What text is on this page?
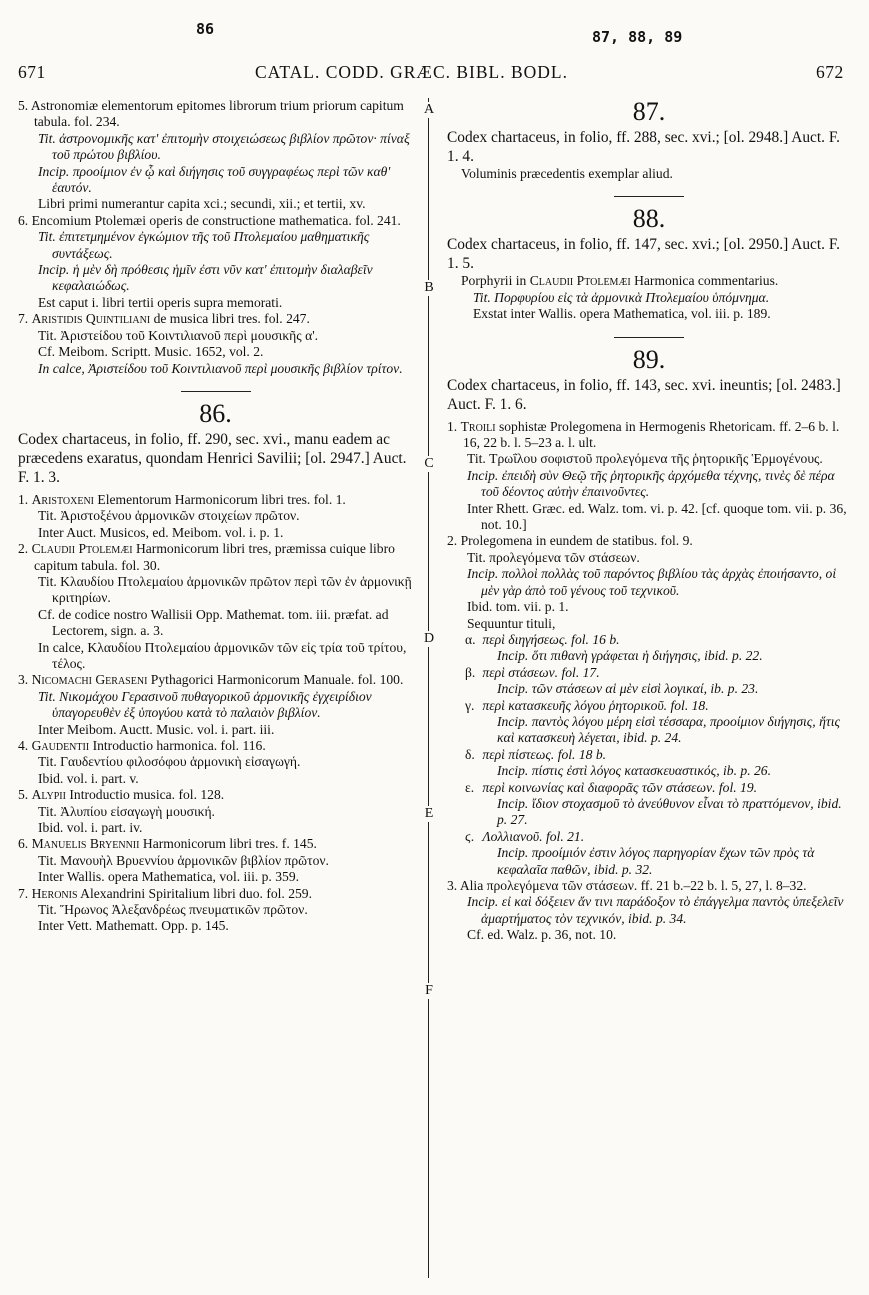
86	87, 88, 89
671	CATAL. CODD. GRÆC. BIBL. BODL.	672
A
B
C
D
E
F

5. Astronomiæ elementorum epitomes librorum trium priorum capitum tabula. fol. 234.

Tit. ἀστρονομικῆς κατ' ἐπιτομὴν στοιχειώσεως βιβλίον πρῶτον· πίναξ τοῦ πρώτου βιβλίου.

Incip. προοίμιον ἐν ᾧ καὶ διήγησις τοῦ συγγραφέως περὶ τῶν καθ' ἑαυτόν.

Libri primi numerantur capita xci.; secundi, xii.; et tertii, xv.

6. Encomium Ptolemæi operis de constructione mathematica. fol. 241.

Tit. ἐπιτετμημένον ἐγκώμιον τῆς τοῦ Πτολεμαίου μαθηματικῆς συντάξεως.

Incip. ἡ μὲν δὴ πρόθεσις ἡμῖν ἐστι νῦν κατ' ἐπιτομὴν διαλαβεῖν κεφαλαιώδως.

Est caput i. libri tertii operis supra memorati.

7. Aristidis Quintiliani de musica libri tres. fol. 247.

Tit. Ἀριστείδου τοῦ Κοιντιλιανοῦ περὶ μουσικῆς α'.

Cf. Meibom. Scriptt. Music. 1652, vol. 2.

In calce, Ἀριστείδου τοῦ Κοιντιλιανοῦ περὶ μουσικῆς βιβλίον τρίτον.

86.

Codex chartaceus, in folio, ff. 290, sec. xvi., manu eadem ac præcedens exaratus, quondam Henrici Savilii; [ol. 2947.] Auct. F. 1. 3.

1. Aristoxeni Elementorum Harmonicorum libri tres. fol. 1.

Tit. Ἀριστοξένου ἁρμονικῶν στοιχείων πρῶτον.

Inter Auct. Musicos, ed. Meibom. vol. i. p. 1.

2. Claudii Ptolemæi Harmonicorum libri tres, præmissa cuique libro capitum tabula. fol. 30.

Tit. Κλαυδίου Πτολεμαίου ἁρμονικῶν πρῶτον περὶ τῶν ἐν ἁρμονικῇ κριτηρίων.

Cf. de codice nostro Wallisii Opp. Mathemat. tom. iii. præfat. ad Lectorem, sign. a. 3.

In calce, Κλαυδίου Πτολεμαίου ἁρμονικῶν τῶν εἰς τρία τοῦ τρίτου, τέλος.

3. Nicomachi Geraseni Pythagorici Harmonicorum Manuale. fol. 100.

Tit. Νικομάχου Γερασινοῦ πυθαγορικοῦ ἁρμονικῆς ἐγχειρίδιον ὑπαγορευθὲν ἐξ ὑπογύου κατὰ τὸ παλαιὸν βιβλίον.

Inter Meibom. Auctt. Music. vol. i. part. iii.

4. Gaudentii Introductio harmonica. fol. 116.

Tit. Γαυδεντίου φιλοσόφου ἁρμονικὴ εἰσαγωγή.

Ibid. vol. i. part. v.

5. Alypii Introductio musica. fol. 128.

Tit. Ἀλυπίου εἰσαγωγὴ μουσική.

Ibid. vol. i. part. iv.

6. Manuelis Bryennii Harmonicorum libri tres. f. 145.

Tit. Μανουὴλ Βρυεννίου ἁρμονικῶν βιβλίον πρῶτον.

Inter Wallis. opera Mathematica, vol. iii. p. 359.

7. Heronis Alexandrini Spiritalium libri duo. fol. 259.

Tit. Ἥρωνος Ἀλεξανδρέως πνευματικῶν πρῶτον.

Inter Vett. Mathematt. Opp. p. 145.

87.

Codex chartaceus, in folio, ff. 288, sec. xvi.; [ol. 2948.] Auct. F. 1. 4.

Voluminis præcedentis exemplar aliud.

88.

Codex chartaceus, in folio, ff. 147, sec. xvi.; [ol. 2950.] Auct. F. 1. 5.

Porphyrii in Claudii Ptolemæi Harmonica commentarius.

Tit. Πορφυρίου εἰς τὰ ἁρμονικὰ Πτολεμαίου ὑπόμνημα.

Exstat inter Wallis. opera Mathematica, vol. iii. p. 189.

89.

Codex chartaceus, in folio, ff. 143, sec. xvi. ineuntis; [ol. 2483.] Auct. F. 1. 6.

1. Troili sophistæ Prolegomena in Hermogenis Rhetoricam. ff. 2–6 b. l. 16, 22 b. l. 5–23 a. l. ult.

Tit. Τρωΐλου σοφιστοῦ προλεγόμενα τῆς ῥητορικῆς Ἑρμογένους.

Incip. ἐπειδὴ σὺν Θεῷ τῆς ῥητορικῆς ἀρχόμεθα τέχνης, τινὲς δὲ πέρα τοῦ δέοντος αὐτὴν ἐπαινοῦντες.

Inter Rhett. Græc. ed. Walz. tom. vi. p. 42. [cf. quoque tom. vii. p. 36, not. 10.]

2. Prolegomena in eundem de statibus. fol. 9.

Tit. προλεγόμενα τῶν στάσεων.

Incip. πολλοὶ πολλὰς τοῦ παρόντος βιβλίου τὰς ἀρχὰς ἐποιήσαντο, οἱ μὲν γὰρ ἀπὸ τοῦ γένους τοῦ τεχνικοῦ.

Ibid. tom. vii. p. 1.

Sequuntur tituli,

α. περὶ διηγήσεως. fol. 16 b.

Incip. ὅτι πιθανὴ γράφεται ἡ διήγησις, ibid. p. 22.

β. περὶ στάσεων. fol. 17.

Incip. τῶν στάσεων αἱ μὲν εἰσὶ λογικαί, ib. p. 23.

γ. περὶ κατασκευῆς λόγου ῥητορικοῦ. fol. 18.

Incip. παντὸς λόγου μέρη εἰσὶ τέσσαρα, προοίμιον διήγησις, ἥτις καὶ κατασκευὴ λέγεται, ibid. p. 24.

δ. περὶ πίστεως. fol. 18 b.

Incip. πίστις ἐστὶ λόγος κατασκευαστικός, ib. p. 26.

ε. περὶ κοινωνίας καὶ διαφορᾶς τῶν στάσεων. fol. 19.

Incip. ἴδιον στοχασμοῦ τὸ ἀνεύθυνον εἶναι τὸ πραττόμενον, ibid. p. 27.

ϛ. Λολλιανοῦ. fol. 21.

Incip. προοίμιόν ἐστιν λόγος παρηγορίαν ἔχων τῶν πρὸς τὰ κεφαλαῖα παθῶν, ibid. p. 32.

3. Alia προλεγόμενα τῶν στάσεων. ff. 21 b.–22 b. l. 5, 27, l. 8–32.

Incip. εἰ καὶ δόξειεν ἄν τινι παράδοξον τὸ ἐπάγγελμα παντὸς ὑπεξελεῖν ἁμαρτήματος τὸν τεχνικόν, ibid. p. 34.

Cf. ed. Walz. p. 36, not. 10.
